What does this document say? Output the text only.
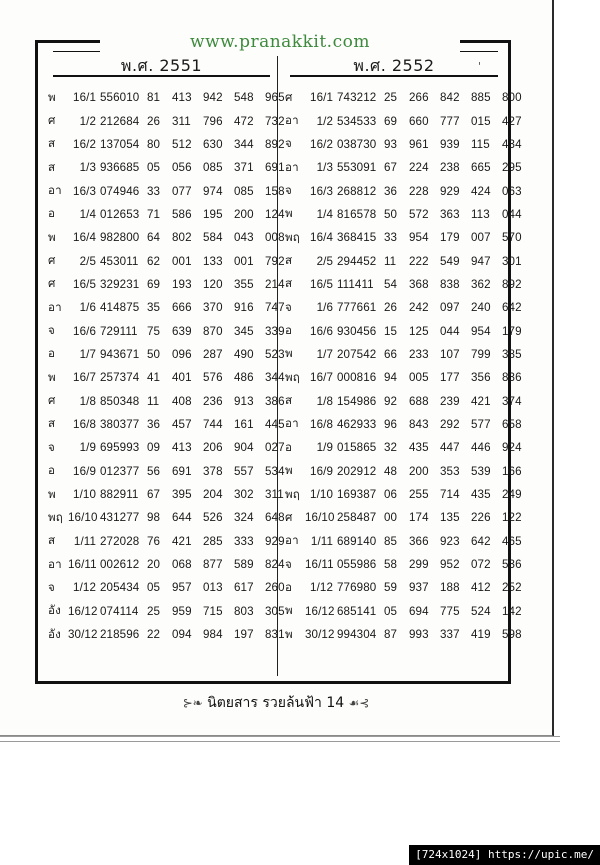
www.pranakkit.com
พ.ศ. 2551	พ.ศ. 2552	'
พ	16/1 556010 81 413 942 548 965
ศ	1/2 212684 26 311 796 472 732
ส	16/2 137054 80 512 630 344 892
ส	1/3 936685 05 056 085 371 691
อา 16/3 074946 33 077 974 085 158
อ	1/4 012653 71 586 195 200 124
พ	16/4 982800 64 802 584 043 008
ศ	2/5 453011 62 001 133 001 792
ศ	16/5 329231 69 193 120 355 214
อา	1/6 414875 35 666 370 916 747
จ	16/6 729111 75 639 870 345 339
อ	1/7 943671 50 096 287 490 523
พ	16/7 257374 41 401 576 486 344
ศ	1/8 850348 11	408 236 913 386
ส	16/8 380377 36 457 744 161 445
จ	1/9 695993 09 413 206 904 027
อ	16/9 012377 56 691 378 557 534
พ	1/10 882911 67 395 204 302 311
พฤ 16/10 431277 98 644 526 324 648
ส	1/11 272028 76 421 285 333 929
อา 16/11 002612 20 068 877 589 824
จ	1/12 205434 05 957 013 617 260
อัง 16/12 074114 25 959 715 803 305
อัง 30/12 218596 22 094 984 197 831
ศ	16/1 743212 25 266 842 885 800
อา	1/2 534533 69 660 777 015 427
จ	16/2 038730 93 961 939 115 434
อา	1/3 553091 67 224 238 665 295
จ	16/3 268812 36 228 929 424 063
พ	1/4 816578 50 572 363 113 044
พฤ 16/4 368415 33 954 179 007 570
ส	2/5 294452 11	222 549 947 301
ส	16/5 111411 54 368 838 362 892
จ	1/6 777661 26 242 097 240 642
อ	16/6 930456 15 125 044 954 179
พ	1/7 207542 66 233 107 799 385
พฤ 16/7 000816 94 005 177 356 836
ส	1/8 154986 92 688 239 421 374
อา 16/8 462933 96 843 292 577 658
อ	1/9 015865 32 435 447 446 924
พ	16/9 202912 48 200 353 539 166
พฤ 1/10 169387 06 255 714 435 249
ศ	16/10 258487 00 174 135 226 122
อา	1/11 689140 85 366 923 642 465
จ	16/11 055986 58 299 952 072 536
อ	1/12 776980 59 937 188 412 252
พ	16/12 685141 05 694 775 524 142
พ	30/12 994304 87 993 337 419 598
⊱❧ นิตยสาร รวยล้นฟ้า 14 ☙⊰
[724x1024] https://upic.me/
